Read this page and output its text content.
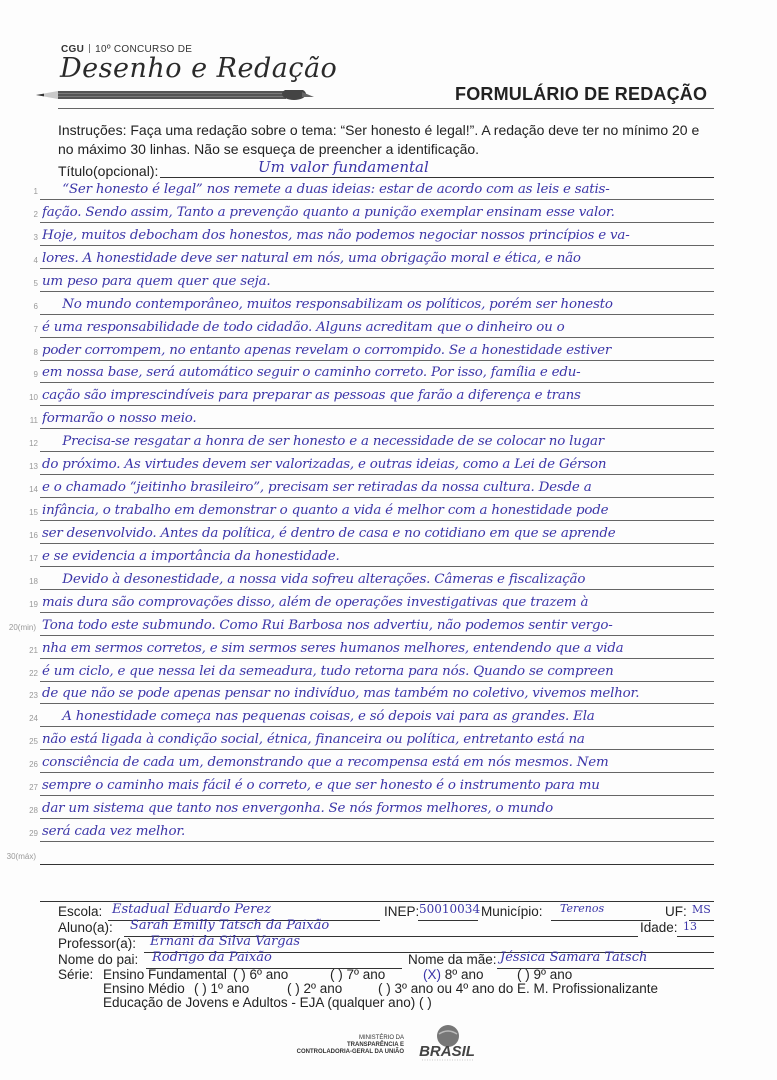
CGU 10º CONCURSO DE
Desenho e Redação
FORMULÁRIO DE REDAÇÃO
Instruções: Faça uma redação sobre o tema: “Ser honesto é legal!”. A redação deve ter no mínimo 20 e no máximo 30 linhas. Não se esqueça de preencher a identificação.
Título(opcional):	Um valor fundamental
1 “Ser honesto é legal” nos remete a duas ideias: estar de acordo com as leis e satis-
2 fação. Sendo assim, Tanto a prevenção quanto a punição exemplar ensinam esse valor.
3 Hoje, muitos debocham dos honestos, mas não podemos negociar nossos princípios e va-
4 lores. A honestidade deve ser natural em nós, uma obrigação moral e ética, e não
5 um peso para quem quer que seja.
6 No mundo contemporâneo, muitos responsabilizam os políticos, porém ser honesto
7 é uma responsabilidade de todo cidadão. Alguns acreditam que o dinheiro ou o
8 poder corrompem, no entanto apenas revelam o corrompido. Se a honestidade estiver
9 em nossa base, será automático seguir o caminho correto. Por isso, família e edu-
10 cação são imprescindíveis para preparar as pessoas que farão a diferença e trans
11 formarão o nosso meio.
12 Precisa-se resgatar a honra de ser honesto e a necessidade de se colocar no lugar
13 do próximo. As virtudes devem ser valorizadas, e outras ideias, como a Lei de Gérson
14 e o chamado “jeitinho brasileiro”, precisam ser retiradas da nossa cultura. Desde a
15 infância, o trabalho em demonstrar o quanto a vida é melhor com a honestidade pode
16 ser desenvolvido. Antes da política, é dentro de casa e no cotidiano em que se aprende
17 e se evidencia a importância da honestidade.
18 Devido à desonestidade, a nossa vida sofreu alterações. Câmeras e fiscalização
19 mais dura são comprovações disso, além de operações investigativas que trazem à
20(min) Tona todo este submundo. Como Rui Barbosa nos advertiu, não podemos sentir vergo-
21 nha em sermos corretos, e sim sermos seres humanos melhores, entendendo que a vida
22 é um ciclo, e que nessa lei da semeadura, tudo retorna para nós. Quando se compreen
23 de que não se pode apenas pensar no indivíduo, mas também no coletivo, vivemos melhor.
24 A honestidade começa nas pequenas coisas, e só depois vai para as grandes. Ela
25 não está ligada à condição social, étnica, financeira ou política, entretanto está na
26 consciência de cada um, demonstrando que a recompensa está em nós mesmos. Nem
27 sempre o caminho mais fácil é o correto, e que ser honesto é o instrumento para mu
28 dar um sistema que tanto nos envergonha. Se nós formos melhores, o mundo
29 será cada vez melhor.
30(máx)
Escola: Estadual Eduardo Perez	INEP: 50010034 Município: Terenos	UF: MS
Aluno(a): Sarah Emilly Tatsch da Paixão	Idade: 13
Professor(a): Ernani da Silva Vargas
Nome do pai: Rodrigo da Paixão	Nome da mãe: Jéssica Samara Tatsch
Série: Ensino Fundamental ( ) 6º ano	( ) 7º ano	(X) 8º ano ( ) 9º ano
Ensino Médio ( ) 1º ano	( ) 2º ano	( ) 3º ano ou 4º ano do E. M. Profissionalizante
Educação de Jovens e Adultos - EJA (qualquer ano) ( )
MINISTÉRIO DA
TRANSPARÊNCIA E
CONTROLADORIA-GERAL DA UNIÃO BRASIL
